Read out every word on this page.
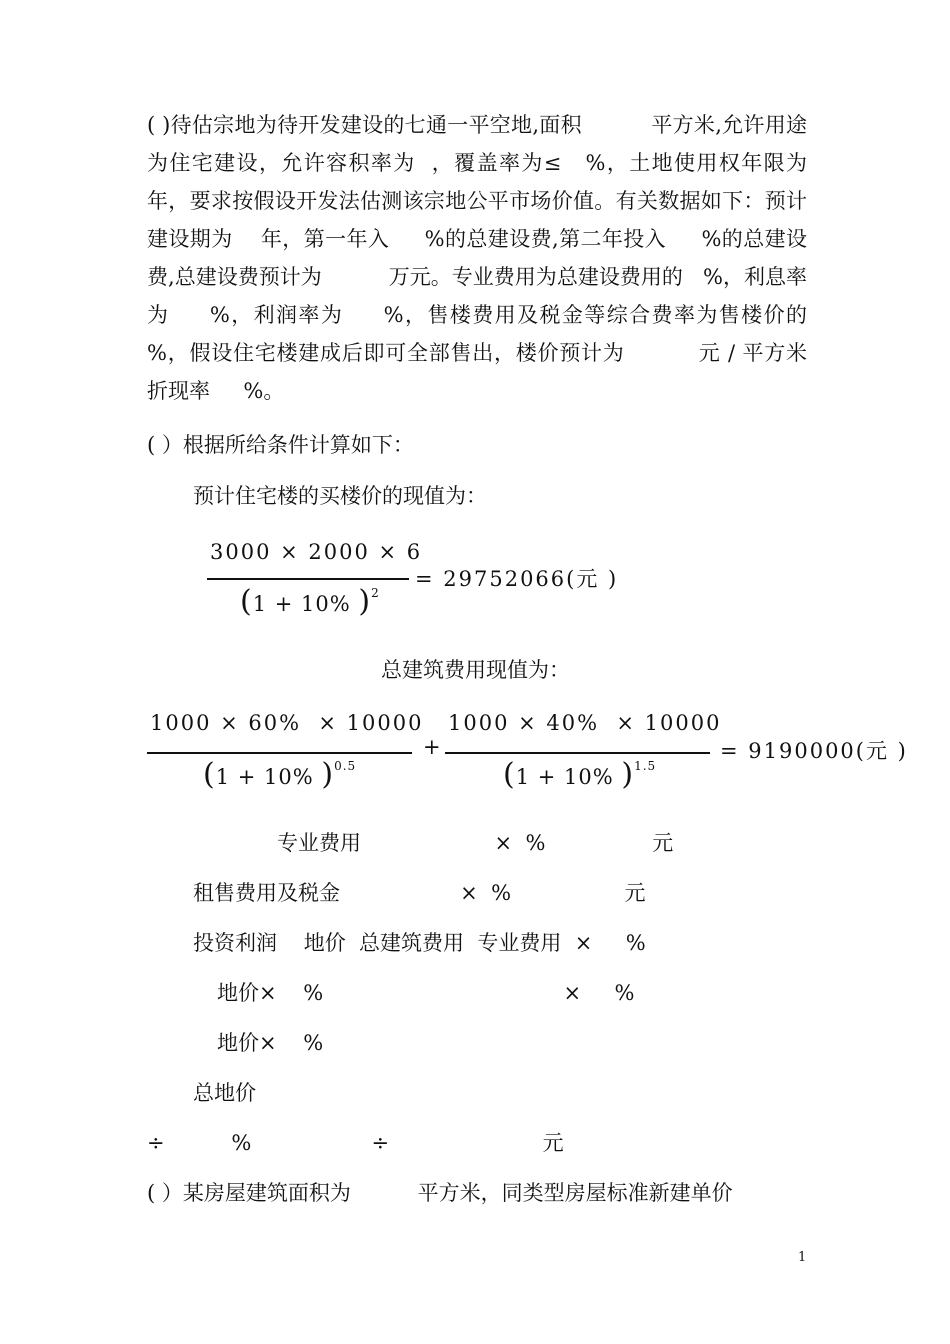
( )待估宗地为待开发建设的七通一平空地,面积          平方米,允许用途为住宅建设，允许容积率为  ，覆盖率为≤   %，土地使用权年限为      年，要求按假设开发法估测该宗地公平市场价值。有关数据如下：预计建设期为    年，第一年入     %的总建设费,第二年投入     %的总建设费,总建设费预计为          万元。专业费用为总建设费用的   %，利息率为     %，利润率为     %，售楼费用及税金等综合费率为售楼价的   %，假设住宅楼建成后即可全部售出，楼价预计为          元 / 平方米  折现率     %。

( ）根据所给条件计算如下：

预计住宅楼的买楼价的现值为：

3000 × 2000 × 6
(1 + 10% )$^2$
= 29752066(元 )

总建筑费用现值为：

1000 × 60%  × 10000
(1 + 10% )$^{0.5}$
+
1000 × 40%  × 10000
(1 + 10% )$^{1.5}$
= 9190000(元 )

专业费用                    ×  %                元

租售费用及税金                  ×  %                 元

投资利润    地价  总建筑费用  专业费用  ×     %

地价×    %                                    ×     %

地价×    %

总地价

÷          %                  ÷                       元

( ）某房屋建筑面积为          平方米，同类型房屋标准新建单价

1
